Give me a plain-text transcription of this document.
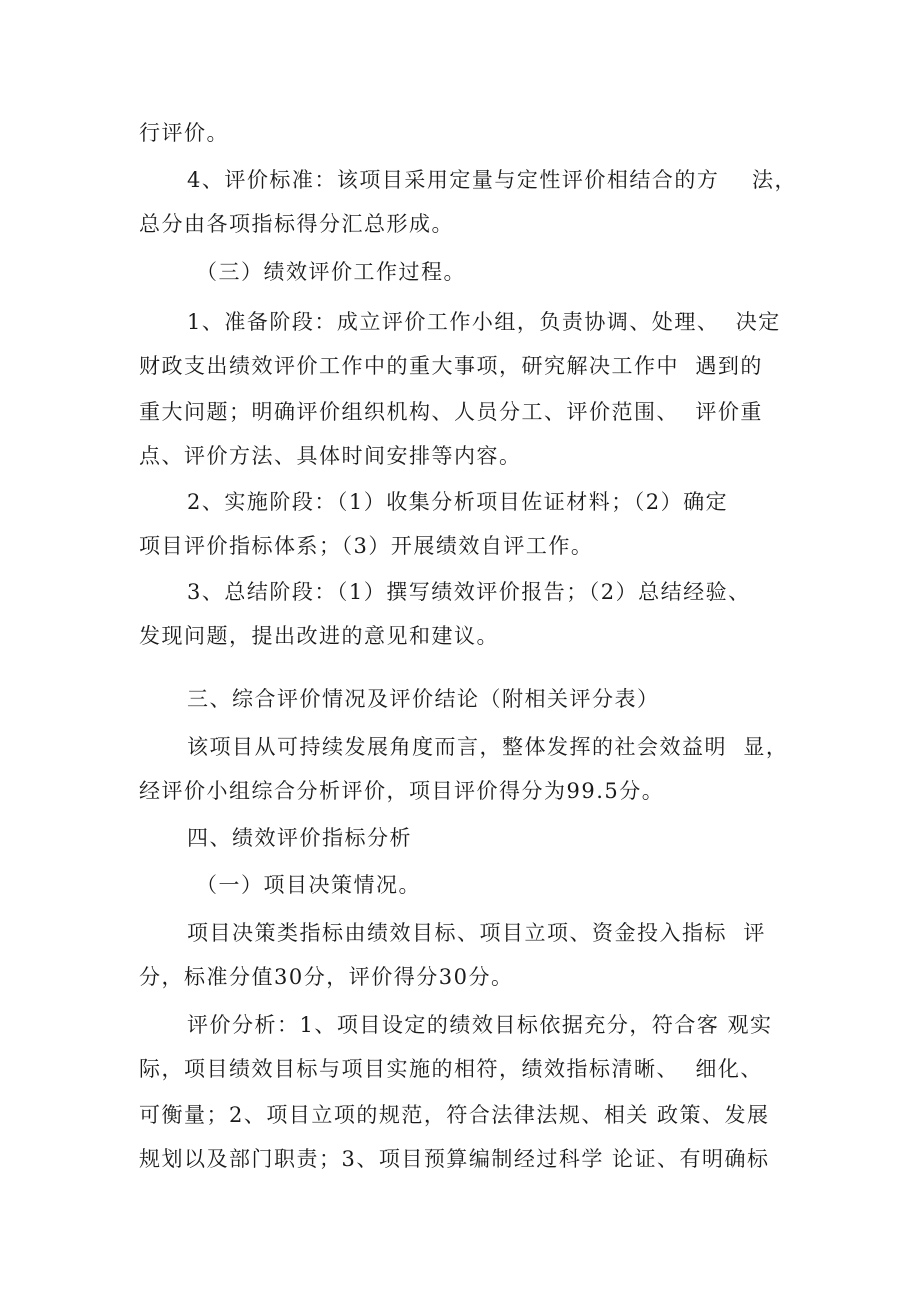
行评价。
4、评价标准：该项目采用定量与定性评价相结合的方    法，
总分由各项指标得分汇总形成。
（三）绩效评价工作过程。
1、准备阶段：成立评价工作小组，负责协调、处理、  决定
财政支出绩效评价工作中的重大事项，研究解决工作中  遇到的
重大问题；明确评价组织机构、人员分工、评价范围、  评价重
点、评价方法、具体时间安排等内容。
2、实施阶段：（1）收集分析项目佐证材料；（2）确定
项目评价指标体系；（3）开展绩效自评工作。
3、总结阶段：（1）撰写绩效评价报告；（2）总结经验、
发现问题，提出改进的意见和建议。
三、综合评价情况及评价结论（附相关评分表）
该项目从可持续发展角度而言，整体发挥的社会效益明  显，
经评价小组综合分析评价，项目评价得分为99.5分。
四、绩效评价指标分析
（一）项目决策情况。
项目决策类指标由绩效目标、项目立项、资金投入指标  评
分，标准分值30分，评价得分30分。
评价分析：1、项目设定的绩效目标依据充分，符合客 观实
际，项目绩效目标与项目实施的相符，绩效指标清晰、  细化、
可衡量；2、项目立项的规范，符合法律法规、相关 政策、发展
规划以及部门职责；3、项目预算编制经过科学 论证、有明确标
